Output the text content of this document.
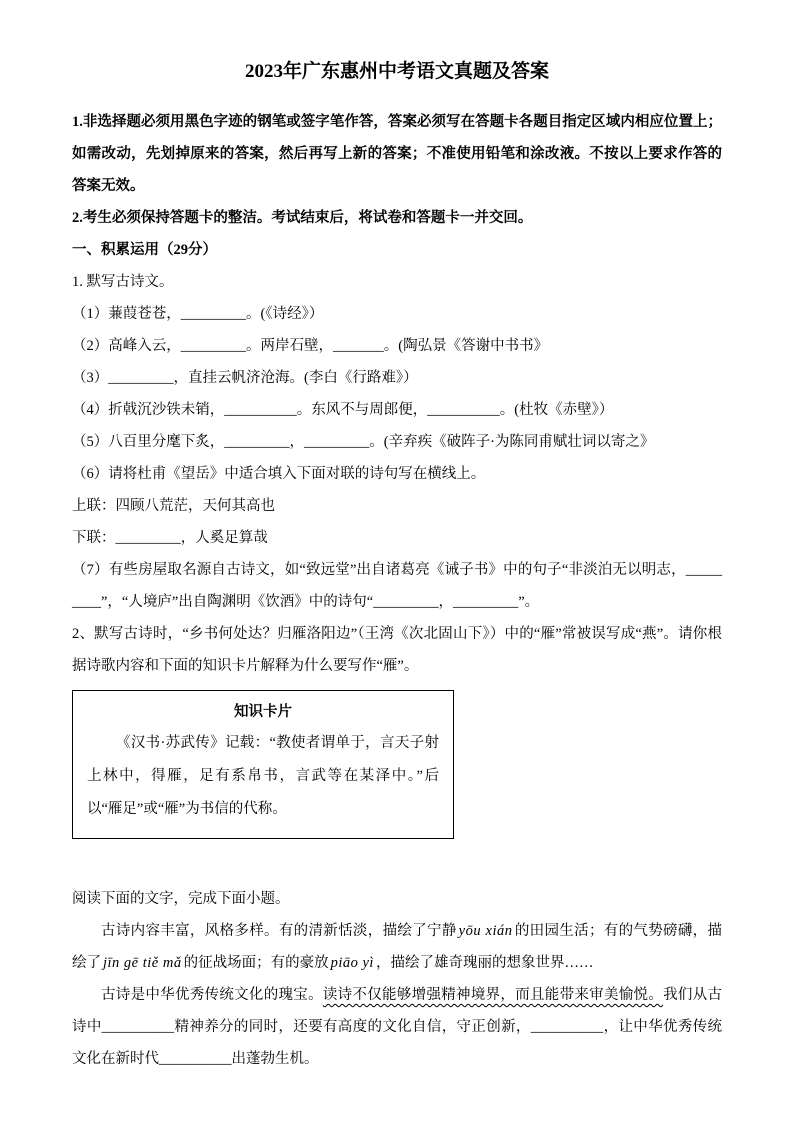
2023年广东惠州中考语文真题及答案

1.非选择题必须用黑色字迹的钢笔或签字笔作答，答案必须写在答题卡各题目指定区域内相应位置上；如需改动，先划掉原来的答案，然后再写上新的答案；不准使用铅笔和涂改液。不按以上要求作答的答案无效。

2.考生必须保持答题卡的整洁。考试结束后，将试卷和答题卡一并交回。

一、积累运用（29分）

1. 默写古诗文。

（1）蒹葭苍苍，_________。(《诗经》）

（2）高峰入云，_________。两岸石壁，_______。(陶弘景《答谢中书书》

（3）_________，直挂云帆济沧海。(李白《行路难》）

（4）折戟沉沙铁未销，__________。东风不与周郎便，__________。(杜牧《赤壁》）

（5）八百里分麾下炙，_________，_________。(辛弃疾《破阵子·为陈同甫赋壮词以寄之》

（6）请将杜甫《望岳》中适合填入下面对联的诗句写在横线上。

上联：四顾八荒茫，天何其高也

下联：_________，人奚足算哉

（7）有些房屋取名源自古诗文，如“致远堂”出自诸葛亮《诫子书》中的句子“非淡泊无以明志，_________”，“人境庐”出自陶渊明《饮酒》中的诗句“_________，_________”。

2、默写古诗时，“乡书何处达？归雁洛阳边”（王湾《次北固山下》）中的“雁”常被误写成“燕”。请你根据诗歌内容和下面的知识卡片解释为什么要写作“雁”。

知识卡片

《汉书·苏武传》记载：“教使者谓单于，言天子射上林中，得雁，足有系帛书，言武等在某泽中。”后以“雁足”或“雁”为书信的代称。

阅读下面的文字，完成下面小题。

古诗内容丰富，风格多样。有的清新恬淡，描绘了宁静 yōu xián 的田园生活；有的气势磅礴，描绘了 jīn gē tiě mǎ 的征战场面；有的豪放 piāo yì ，描绘了雄奇瑰丽的想象世界……

古诗是中华优秀传统文化的瑰宝。读诗不仅能够增强精神境界，而且能带来审美愉悦。我们从古诗中__________精神养分的同时，还要有高度的文化自信，守正创新，__________，让中华优秀传统文化在新时代__________出蓬勃生机。
